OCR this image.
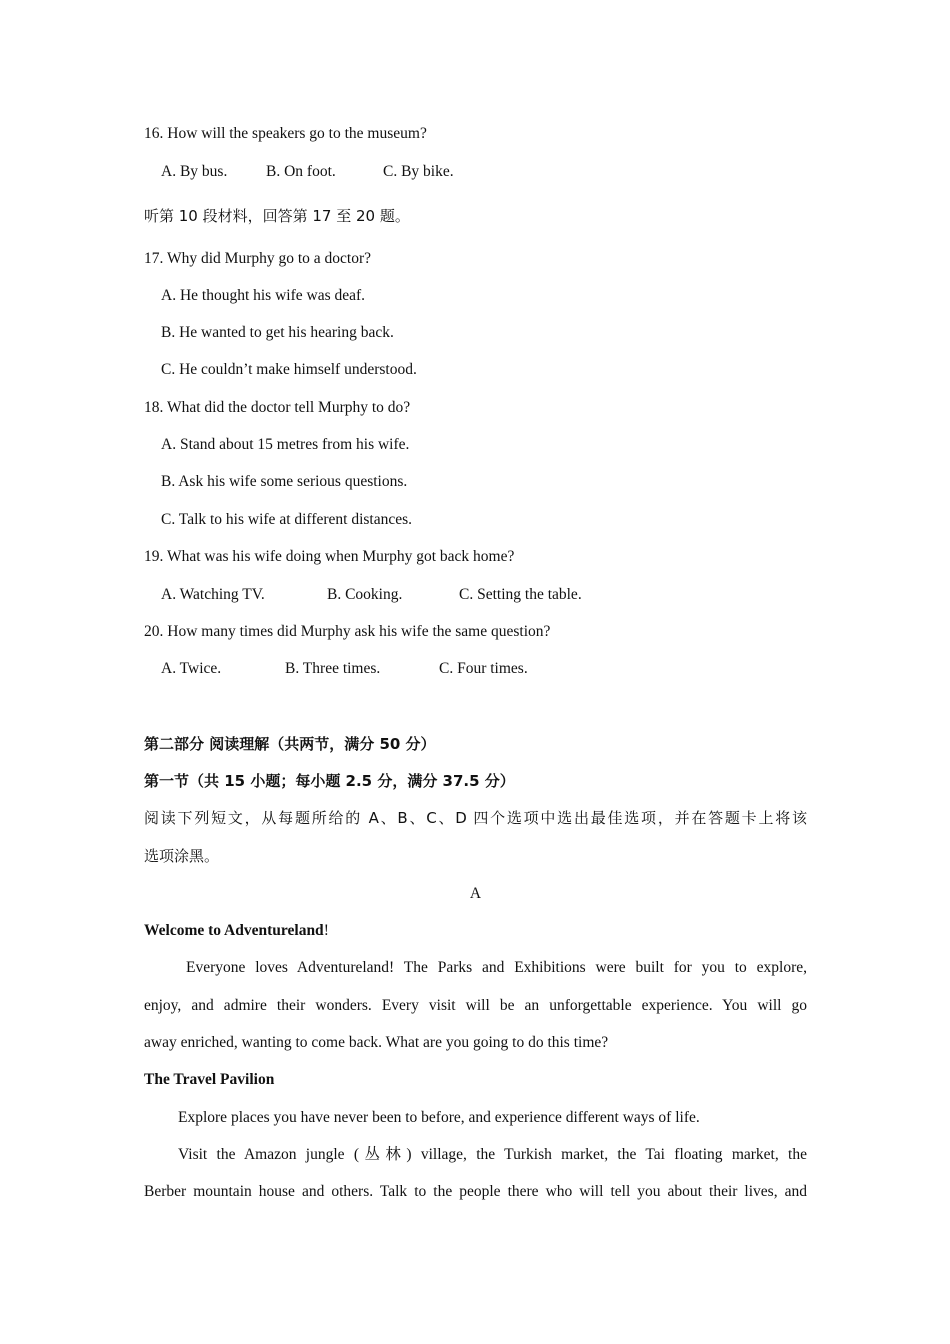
16. How will the speakers go to the museum?
A. By bus. B. On foot.	C. By bike.
听第 10 段材料，回答第 17 至 20 题。
17. Why did Murphy go to a doctor?
A. He thought his wife was deaf.
B. He wanted to get his hearing back.
C. He couldn’t make himself understood.
18. What did the doctor tell Murphy to do?
A. Stand about 15 metres from his wife.
B. Ask his wife some serious questions.
C. Talk to his wife at different distances.
19. What was his wife doing when Murphy got back home?
A. Watching TV.	B. Cooking.	C. Setting the table.
20. How many times did Murphy ask his wife the same question?
A. Twice.	B. Three times.	C. Four times.
第二部分 阅读理解（共两节，满分 50 分）
第一节（共 15 小题；每小题 2.5 分，满分 37.5 分）
阅读下列短文，从每题所给的 A、B、C、D 四个选项中选出最佳选项，并在答题卡上将该
选项涂黑。
A
Welcome to Adventureland!
Everyone loves Adventureland! The Parks and Exhibitions were built for you to explore,
enjoy, and admire their wonders. Every visit will be an unforgettable experience. You will go
away enriched, wanting to come back. What are you going to do this time?
The Travel Pavilion
Explore places you have never been to before, and experience different ways of life.
Visit the Amazon jungle (丛林) village, the Turkish market, the Tai floating market, the
Berber mountain house and others. Talk to the people there who will tell you about their lives, and
